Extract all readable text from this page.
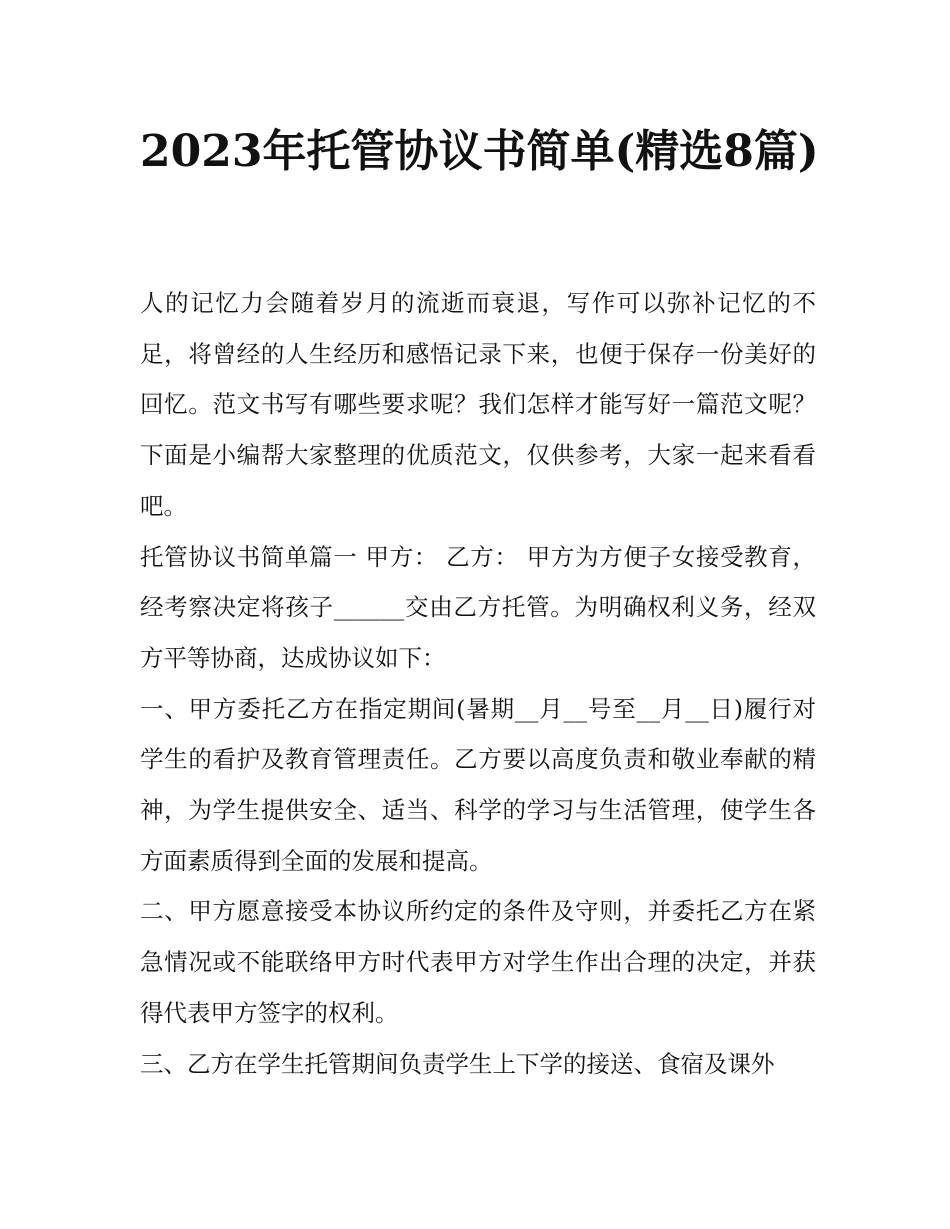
2023年托管协议书简单(精选8篇)

人的记忆力会随着岁月的流逝而衰退，写作可以弥补记忆的不足，将曾经的人生经历和感悟记录下来，也便于保存一份美好的回忆。范文书写有哪些要求呢？我们怎样才能写好一篇范文呢？下面是小编帮大家整理的优质范文，仅供参考，大家一起来看看吧。

托管协议书简单篇一 甲方： 乙方： 甲方为方便子女接受教育，经考察决定将孩子______交由乙方托管。为明确权利义务，经双方平等协商，达成协议如下：

一、甲方委托乙方在指定期间(暑期__月__号至__月__日)履行对学生的看护及教育管理责任。乙方要以高度负责和敬业奉献的精神，为学生提供安全、适当、科学的学习与生活管理，使学生各方面素质得到全面的发展和提高。

二、甲方愿意接受本协议所约定的条件及守则，并委托乙方在紧急情况或不能联络甲方时代表甲方对学生作出合理的决定，并获得代表甲方签字的权利。

三、乙方在学生托管期间负责学生上下学的接送、食宿及课外
